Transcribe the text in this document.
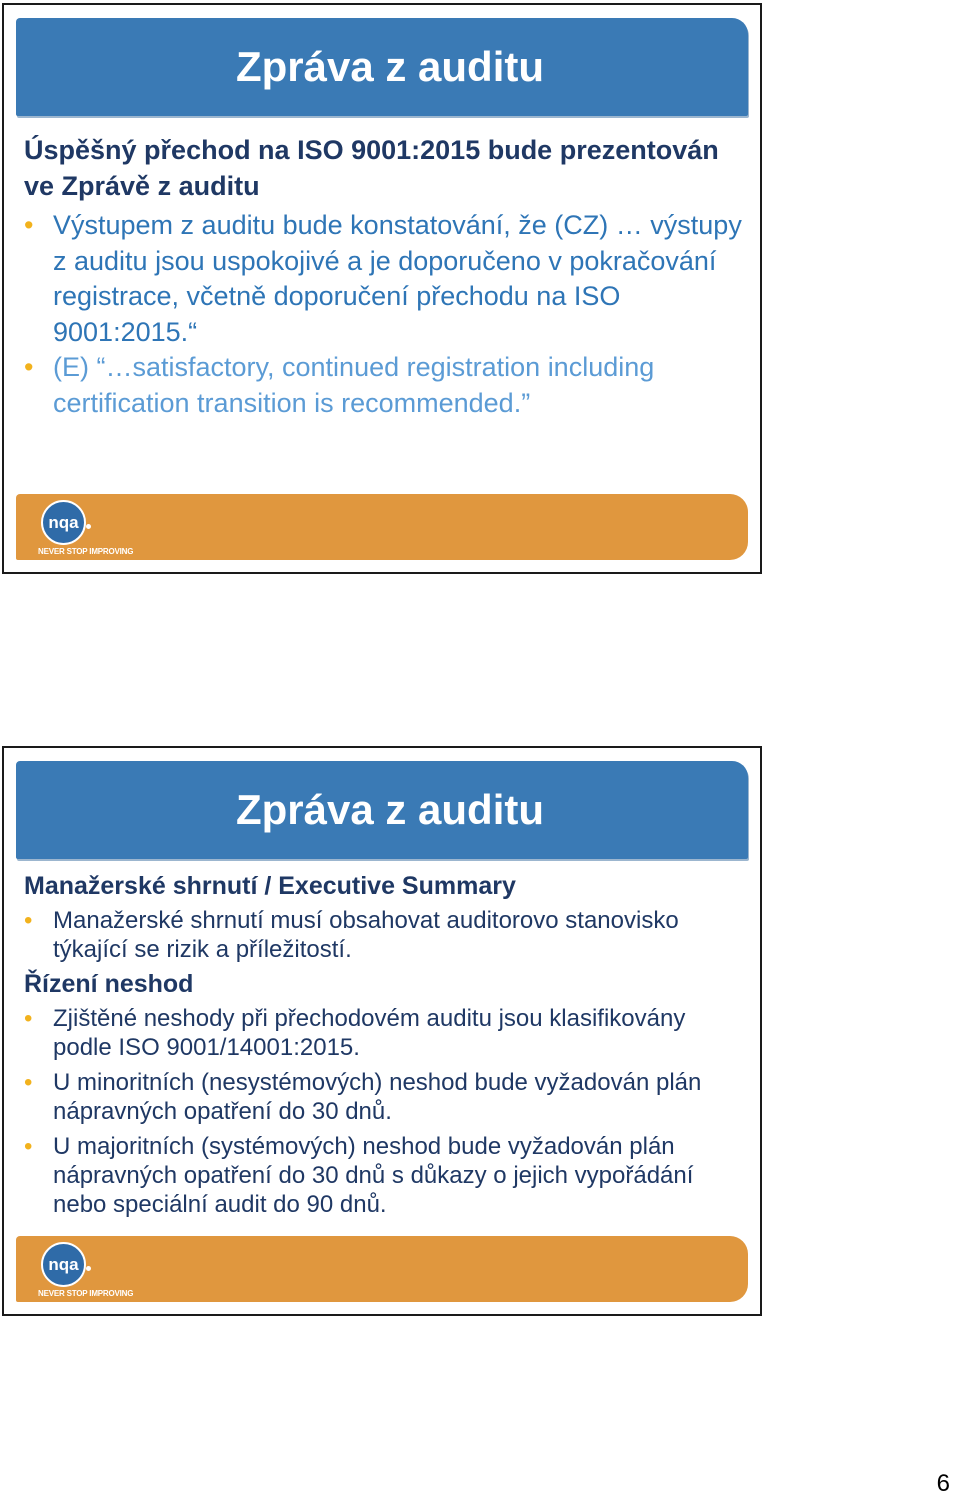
Zpráva z auditu
Úspěšný přechod na ISO 9001:2015 bude prezentován ve Zprávě z auditu
• Výstupem z auditu bude konstatování, že (CZ) … výstupy z auditu jsou uspokojivé a je doporučeno v pokračování registrace, včetně doporučení přechodu na ISO 9001:2015.“
• (E) “…satisfactory, continued registration including certification transition is recommended.”
nqa
NEVER STOP IMPROVING
Zpráva z auditu
nqa
NEVER STOP IMPROVING
Manažerské shrnutí / Executive Summary
• Manažerské shrnutí musí obsahovat auditorovo stanovisko týkající se rizik a příležitostí.
Řízení neshod
• Zjištěné neshody při přechodovém auditu jsou klasifikovány podle ISO 9001/14001:2015.
• U minoritních (nesystémových) neshod bude vyžadován plán nápravných opatření do 30 dnů.
• U majoritních (systémových) neshod bude vyžadován plán nápravných opatření do 30 dnů s důkazy o jejich vypořádání nebo speciální audit do 90 dnů.
6
